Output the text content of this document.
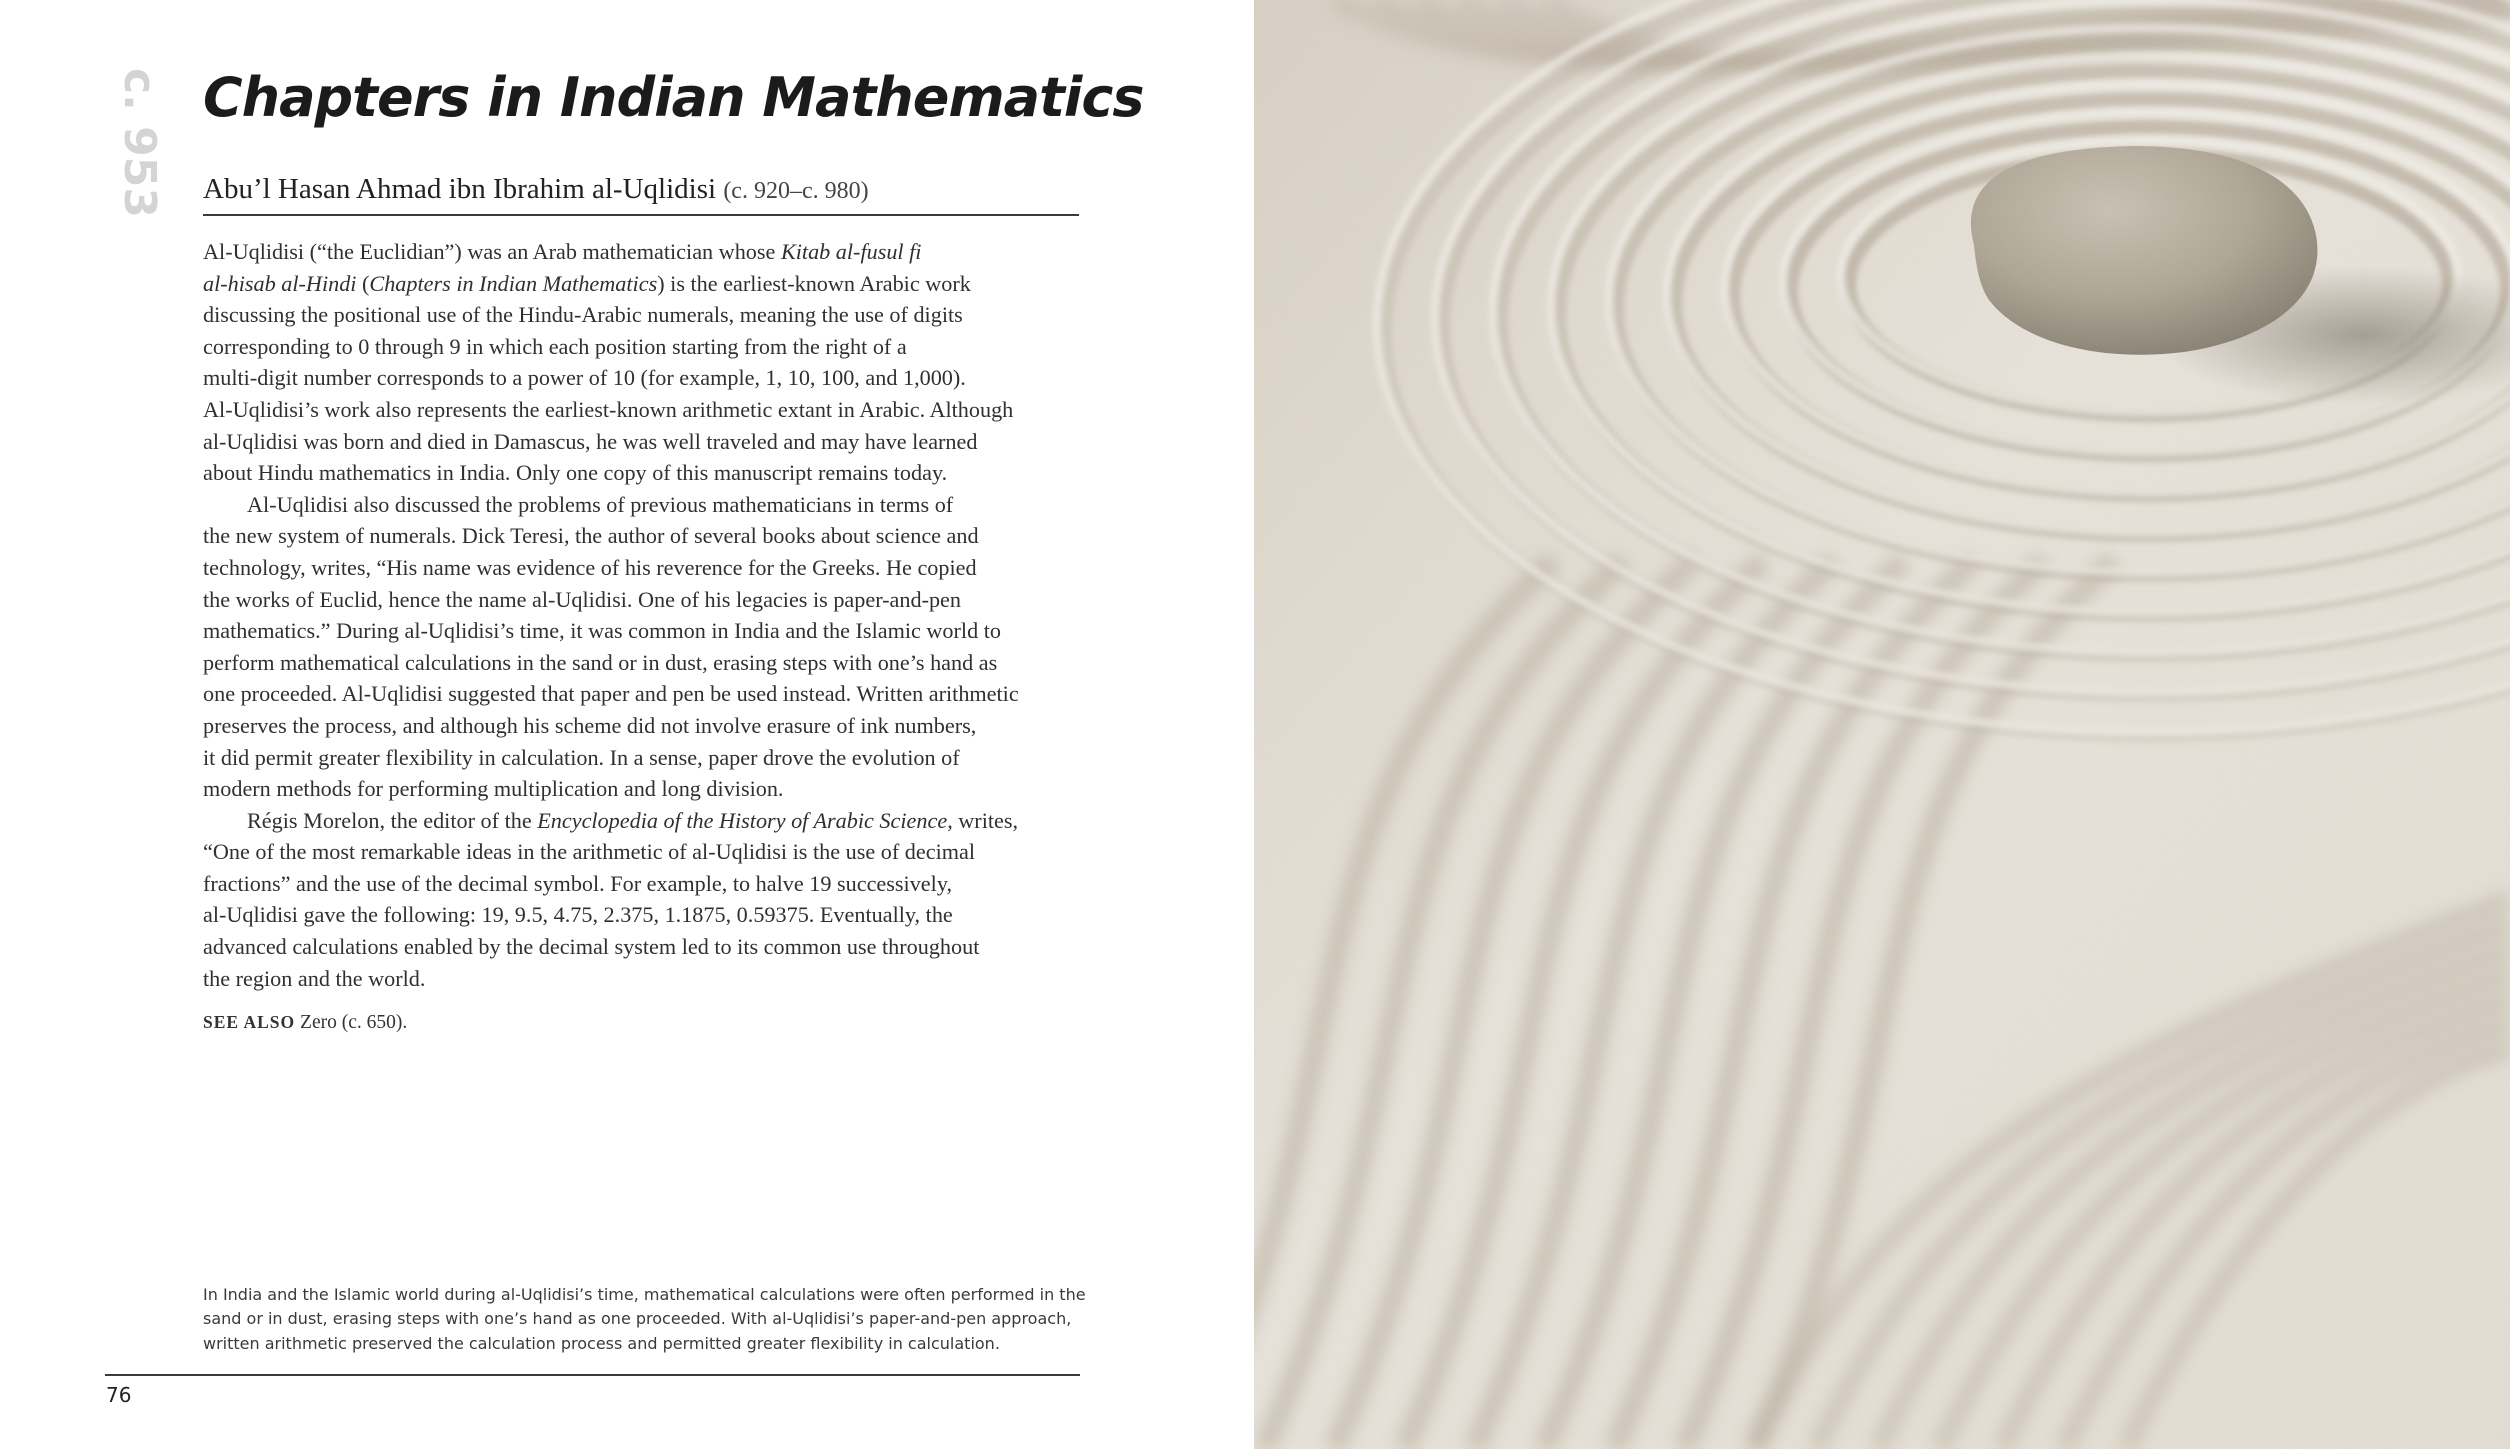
c. 953 Chapters in Indian Mathematics
Abu’l Hasan Ahmad ibn Ibrahim al-Uqlidisi (c. 920–c. 980)
Al-Uqlidisi (“the Euclidian”) was an Arab mathematician whose Kitab al-fusul fi
al-hisab al-Hindi (Chapters in Indian Mathematics) is the earliest-known Arabic work
discussing the positional use of the Hindu-Arabic numerals, meaning the use of digits
corresponding to 0 through 9 in which each position starting from the right of a
multi-digit number corresponds to a power of 10 (for example, 1, 10, 100, and 1,000).
Al-Uqlidisi’s work also represents the earliest-known arithmetic extant in Arabic. Although
al-Uqlidisi was born and died in Damascus, he was well traveled and may have learned
about Hindu mathematics in India. Only one copy of this manuscript remains today.
Al-Uqlidisi also discussed the problems of previous mathematicians in terms of
the new system of numerals. Dick Teresi, the author of several books about science and
technology, writes, “His name was evidence of his reverence for the Greeks. He copied
the works of Euclid, hence the name al-Uqlidisi. One of his legacies is paper-and-pen
mathematics.” During al-Uqlidisi’s time, it was common in India and the Islamic world to
perform mathematical calculations in the sand or in dust, erasing steps with one’s hand as
one proceeded. Al-Uqlidisi suggested that paper and pen be used instead. Written arithmetic
preserves the process, and although his scheme did not involve erasure of ink numbers,
it did permit greater flexibility in calculation. In a sense, paper drove the evolution of
modern methods for performing multiplication and long division.
Régis Morelon, the editor of the Encyclopedia of the History of Arabic Science, writes,
“One of the most remarkable ideas in the arithmetic of al-Uqlidisi is the use of decimal
fractions” and the use of the decimal symbol. For example, to halve 19 successively,
al-Uqlidisi gave the following: 19, 9.5, 4.75, 2.375, 1.1875, 0.59375. Eventually, the
advanced calculations enabled by the decimal system led to its common use throughout
the region and the world.
SEE ALSO Zero (c. 650).
In India and the Islamic world during al-Uqlidisi’s time, mathematical calculations were often performed in the
sand or in dust, erasing steps with one’s hand as one proceeded. With al-Uqlidisi’s paper-and-pen approach,
written arithmetic preserved the calculation process and permitted greater flexibility in calculation.
76
